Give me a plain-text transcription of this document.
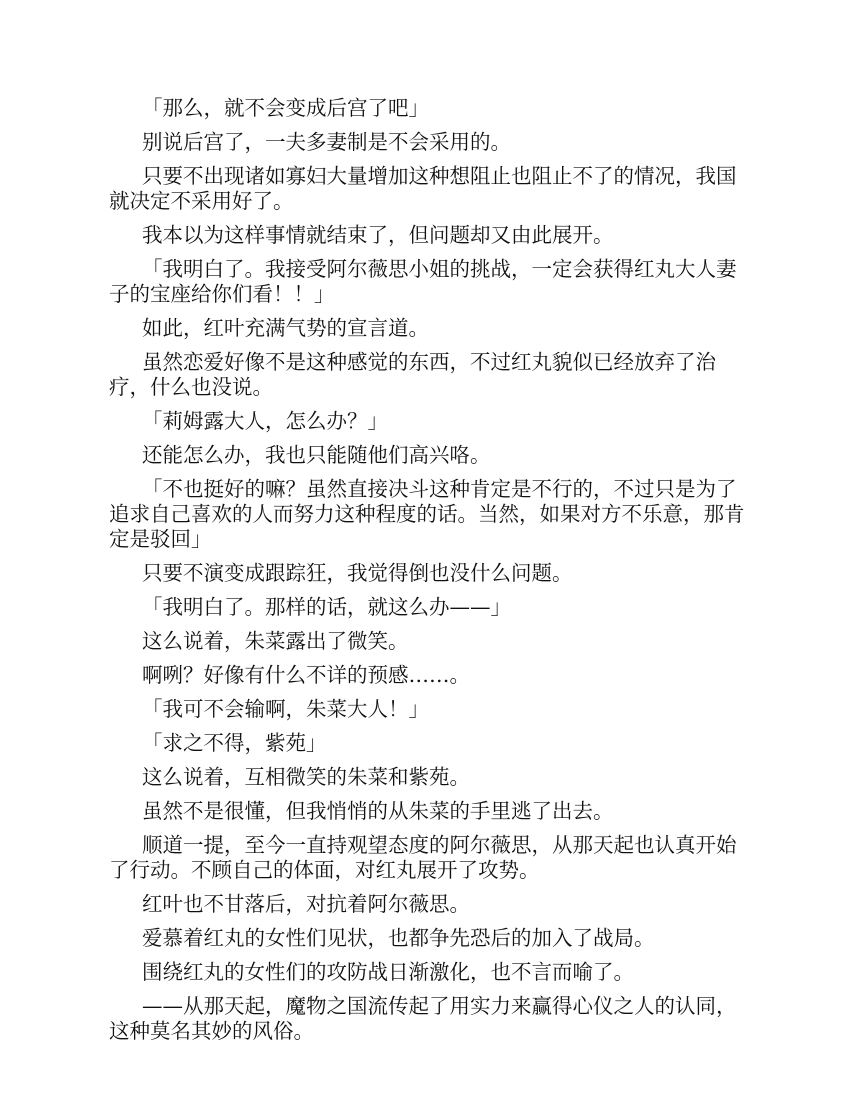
「那么，就不会变成后宫了吧」

别说后宫了，一夫多妻制是不会采用的。

只要不出现诸如寡妇大量增加这种想阻止也阻止不了的情况，我国就决定不采用好了。

我本以为这样事情就结束了，但问题却又由此展开。

「我明白了。我接受阿尔薇思小姐的挑战，一定会获得红丸大人妻子的宝座给你们看！！」

如此，红叶充满气势的宣言道。

虽然恋爱好像不是这种感觉的东西，不过红丸貌似已经放弃了治疗，什么也没说。

「莉姆露大人，怎么办？」

还能怎么办，我也只能随他们高兴咯。

「不也挺好的嘛？虽然直接决斗这种肯定是不行的，不过只是为了追求自己喜欢的人而努力这种程度的话。当然，如果对方不乐意，那肯定是驳回」

只要不演变成跟踪狂，我觉得倒也没什么问题。

「我明白了。那样的话，就这么办——」

这么说着，朱菜露出了微笑。

啊咧？好像有什么不详的预感……。

「我可不会输啊，朱菜大人！」

「求之不得，紫苑」

这么说着，互相微笑的朱菜和紫苑。

虽然不是很懂，但我悄悄的从朱菜的手里逃了出去。

顺道一提，至今一直持观望态度的阿尔薇思，从那天起也认真开始了行动。不顾自己的体面，对红丸展开了攻势。

红叶也不甘落后，对抗着阿尔薇思。

爱慕着红丸的女性们见状，也都争先恐后的加入了战局。

围绕红丸的女性们的攻防战日渐激化，也不言而喻了。

——从那天起，魔物之国流传起了用实力来赢得心仪之人的认同，这种莫名其妙的风俗。
